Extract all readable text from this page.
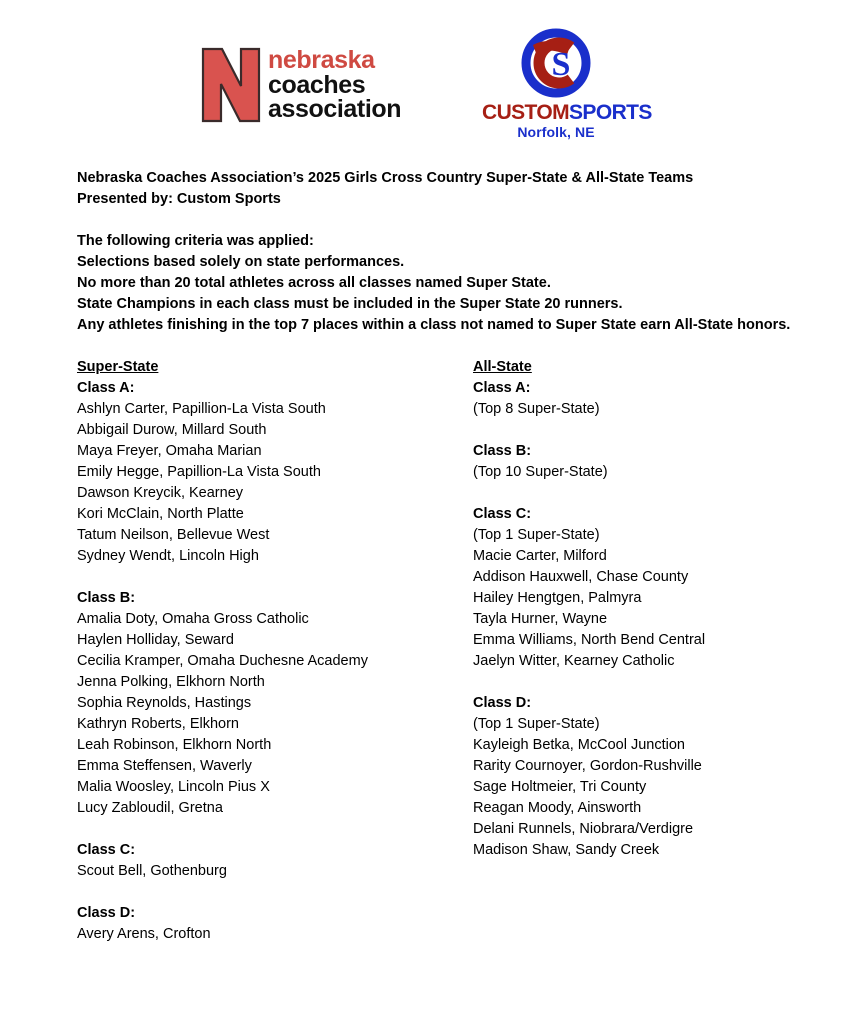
nebraska
coaches
association
S
CUSTOMSPORTS
Norfolk, NE
Nebraska Coaches Association’s 2025 Girls Cross Country Super-State & All-State Teams
Presented by: Custom Sports
The following criteria was applied:
Selections based solely on state performances.
No more than 20 total athletes across all classes named Super State.
State Champions in each class must be included in the Super State 20 runners.
Any athletes finishing in the top 7 places within a class not named to Super State earn All-State honors.
Super-State
Class A:
Ashlyn Carter, Papillion-La Vista South
Abbigail Durow, Millard South
Maya Freyer, Omaha Marian
Emily Hegge, Papillion-La Vista South
Dawson Kreycik, Kearney
Kori McClain, North Platte
Tatum Neilson, Bellevue West
Sydney Wendt, Lincoln High
Class B:
Amalia Doty, Omaha Gross Catholic
Haylen Holliday, Seward
Cecilia Kramper, Omaha Duchesne Academy
Jenna Polking, Elkhorn North
Sophia Reynolds, Hastings
Kathryn Roberts, Elkhorn
Leah Robinson, Elkhorn North
Emma Steffensen, Waverly
Malia Woosley, Lincoln Pius X
Lucy Zabloudil, Gretna
Class C:
Scout Bell, Gothenburg
Class D:
Avery Arens, Crofton
All-State
Class A:
(Top 8 Super-State)
Class B:
(Top 10 Super-State)
Class C:
(Top 1 Super-State)
Macie Carter, Milford
Addison Hauxwell, Chase County
Hailey Hengtgen, Palmyra
Tayla Hurner, Wayne
Emma Williams, North Bend Central
Jaelyn Witter, Kearney Catholic
Class D:
(Top 1 Super-State)
Kayleigh Betka, McCool Junction
Rarity Cournoyer, Gordon-Rushville
Sage Holtmeier, Tri County
Reagan Moody, Ainsworth
Delani Runnels, Niobrara/Verdigre
Madison Shaw, Sandy Creek
